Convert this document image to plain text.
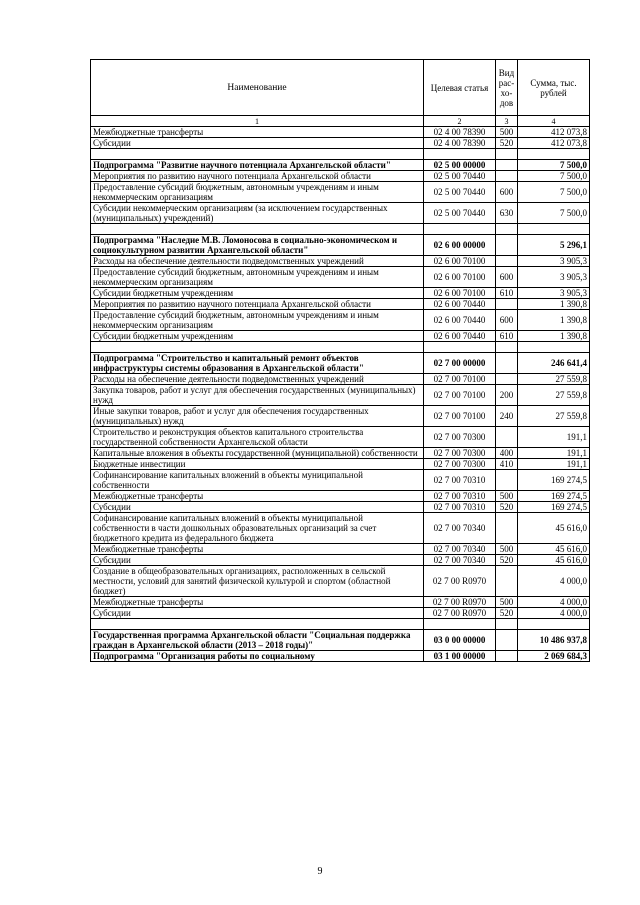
Наименование	Целевая статья	Вид рас- хо- дов	Сумма, тыс. рублей
1	2	3	4
Межбюджетные трансферты	02 4 00 78390	500	412 073,8
Субсидии	02 4 00 78390	520	412 073,8

Подпрограмма "Развитие научного потенциала Архангельской области"	02 5 00 00000		7 500,0
Мероприятия по развитию научного потенциала Архангельской области	02 5 00 70440		7 500,0
Предоставление субсидий бюджетным, автономным учреждениям и иным некоммерческим организациям	02 5 00 70440	600	7 500,0
Субсидии некоммерческим организациям (за исключением государственных (муниципальных) учреждений)	02 5 00 70440	630	7 500,0

Подпрограмма "Наследие М.В. Ломоносова в социально-экономическом и социокультурном развитии Архангельской области"	02 6 00 00000		5 296,1
Расходы на обеспечение деятельности подведомственных учреждений	02 6 00 70100		3 905,3
Предоставление субсидий бюджетным, автономным учреждениям и иным некоммерческим организациям	02 6 00 70100	600	3 905,3
Субсидии бюджетным учреждениям	02 6 00 70100	610	3 905,3
Мероприятия по развитию научного потенциала Архангельской области	02 6 00 70440		1 390,8
Предоставление субсидий бюджетным, автономным учреждениям и иным некоммерческим организациям	02 6 00 70440	600	1 390,8
Субсидии бюджетным учреждениям	02 6 00 70440	610	1 390,8

Подпрограмма "Строительство и капитальный ремонт объектов инфраструктуры системы образования в Архангельской области"	02 7 00 00000		246 641,4
Расходы на обеспечение деятельности подведомственных учреждений	02 7 00 70100		27 559,8
Закупка товаров, работ и услуг для обеспечения государственных (муниципальных) нужд	02 7 00 70100	200	27 559,8
Иные закупки товаров, работ и услуг для обеспечения государственных (муниципальных) нужд	02 7 00 70100	240	27 559,8
Строительство и реконструкция объектов капитального строительства государственной собственности Архангельской области	02 7 00 70300		191,1
Капитальные вложения в объекты государственной (муниципальной) собственности	02 7 00 70300	400	191,1
Бюджетные инвестиции	02 7 00 70300	410	191,1
Софинансирование капитальных вложений в объекты муниципальной собственности	02 7 00 70310		169 274,5
Межбюджетные трансферты	02 7 00 70310	500	169 274,5
Субсидии	02 7 00 70310	520	169 274,5
Софинансирование капитальных вложений в объекты муниципальной собственности в части дошкольных образовательных организаций за счет бюджетного кредита из федерального бюджета	02 7 00 70340		45 616,0
Межбюджетные трансферты	02 7 00 70340	500	45 616,0
Субсидии	02 7 00 70340	520	45 616,0
Создание в общеобразовательных организациях, расположенных в сельской местности, условий для занятий физической культурой и спортом (областной бюджет)	02 7 00 R0970		4 000,0
Межбюджетные трансферты	02 7 00 R0970	500	4 000,0
Субсидии	02 7 00 R0970	520	4 000,0

Государственная программа Архангельской области "Социальная поддержка граждан в Архангельской области (2013 – 2018 годы)"	03 0 00 00000		10 486 937,8
Подпрограмма "Организация работы по социальному	03 1 00 00000		2 069 684,3
9
